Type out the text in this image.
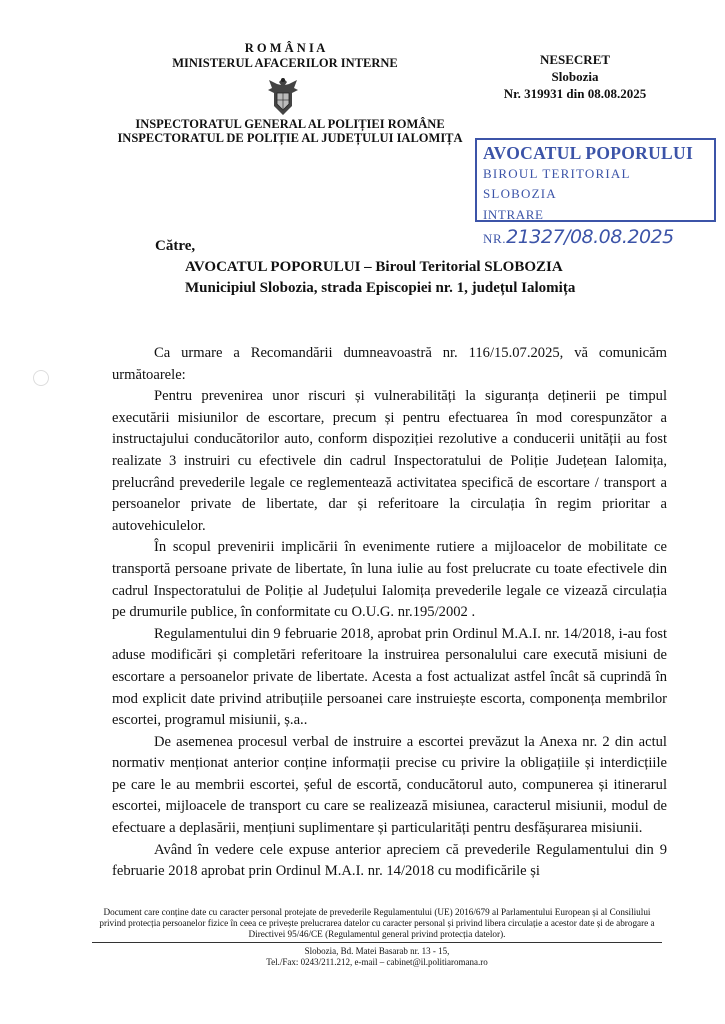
R O M Â N I A
MINISTERUL AFACERILOR INTERNE
INSPECTORATUL GENERAL AL POLIȚIEI ROMÂNE
INSPECTORATUL DE POLIȚIE AL JUDEȚULUI IALOMIȚA
NESECRET
Slobozia
Nr. 319931 din 08.08.2025
AVOCATUL POPORULUI
BIROUL TERITORIAL SLOBOZIA
INTRARE NR.21327/08.08.2025
Către,
AVOCATUL POPORULUI – Biroul Teritorial SLOBOZIA
Municipiul Slobozia, strada Episcopiei nr. 1, județul Ialomița

Ca urmare a Recomandării dumneavoastră nr. 116/15.07.2025, vă comunicăm următoarele:

Pentru prevenirea unor riscuri și vulnerabilități la siguranța deținerii pe timpul executării misiunilor de escortare, precum și pentru efectuarea în mod corespunzător a instructajului conducătorilor auto, conform dispoziției rezolutive a conducerii unității au fost realizate 3 instruiri cu efectivele din cadrul Inspectoratului de Poliție Județean Ialomița, prelucrând prevederile legale ce reglementează activitatea specifică de escortare / transport a persoanelor private de libertate, dar și referitoare la circulația în regim prioritar a autovehiculelor.

În scopul prevenirii implicării în evenimente rutiere a mijloacelor de mobilitate ce transportă persoane private de libertate, în luna iulie au fost prelucrate cu toate efectivele din cadrul Inspectoratului de Poliție al Județului Ialomița prevederile legale ce vizează circulația pe drumurile publice, în conformitate cu O.U.G. nr.195/2002 .

Regulamentului din 9 februarie 2018, aprobat prin Ordinul M.A.I. nr. 14/2018, i-au fost aduse modificări și completări referitoare la instruirea personalului care execută misiuni de escortare a persoanelor private de libertate. Acesta a fost actualizat astfel încât să cuprindă în mod explicit date privind atribuțiile persoanei care instruiește escorta, componența membrilor escortei, programul misiunii, ș.a..

De asemenea procesul verbal de instruire a escortei prevăzut la Anexa nr. 2 din actul normativ menționat anterior conține informații precise cu privire la obligațiile și interdicțiile pe care le au membrii escortei, șeful de escortă, conducătorul auto, compunerea și itinerarul escortei, mijloacele de transport cu care se realizează misiunea, caracterul misiunii, modul de efectuare a deplasării, mențiuni suplimentare și particularități pentru desfășurarea misiunii.

Având în vedere cele expuse anterior apreciem că prevederile Regulamentului din 9 februarie 2018 aprobat prin Ordinul M.A.I. nr. 14/2018 cu modificările și

Document care conține date cu caracter personal protejate de prevederile Regulamentului (UE) 2016/679 al Parlamentului European și al Consiliului privind protecția persoanelor fizice în ceea ce privește prelucrarea datelor cu caracter personal și privind libera circulație a acestor date și de abrogare a Directivei 95/46/CE (Regulamentul general privind protecția datelor).
Slobozia, Bd. Matei Basarab nr. 13 - 15,
Tel./Fax: 0243/211.212, e-mail – cabinet@il.politiaromana.ro
